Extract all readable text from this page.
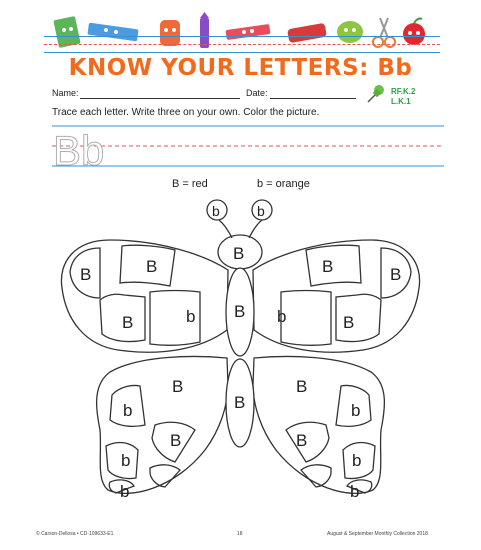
KNOW YOUR LETTERS: Bb
Name:	Date:	RF.K.2
L.K.1
Trace each letter. Write three on your own. Color the picture.
Bb
B = red	b = orange
b	b
B
B
B
B	B
B	b
B
B
B
b
B
b
B
b
b
B
b
B
b
b
© Carson-Dellosa • CD-109633-E1	18	August & September Monthly Collection 2018
